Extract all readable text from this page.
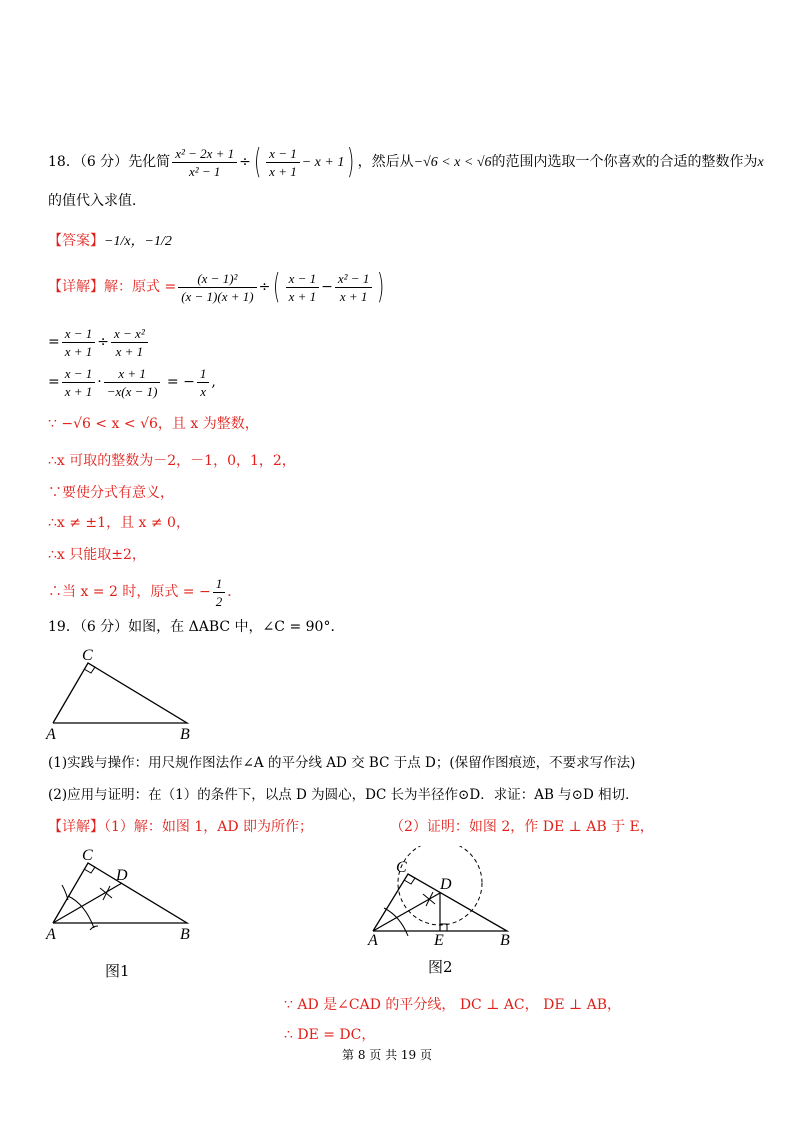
18．（6 分）先化简 $\frac{\text{x² − 2x + 1}}{\text{x² − 1}}$ ÷( $\frac{x - 1}{x + 1} - x + 1$) ，然后从−√6 < x < √6的范围内选取一个你喜欢的合适的整数作为x
的值代入求值．
【答案】−1/x，−1/2
【详解】解：原式 = $\frac{\text{(x − 1)²}}{(x - 1)(x + 1)}$ ÷( $\frac{x - 1}{x + 1} - \frac{\text{x² − 1}}{x + 1}$ )
= $\frac{x - 1}{x + 1} \div \frac{\text{x − x²}}{x + 1}$
= $\frac{x - 1}{x + 1} \cdot \frac{x + 1}{-x(x - 1)}$ = − $\frac{1}{x}$ ,
∵ −√6 < x < √6，且 x 为整数，
∴x 可取的整数为－2，－1，0，1，2，
∵要使分式有意义，
∴x ≠ ±1，且 x ≠ 0，
∴x 只能取±2，
∴当 x = 2 时，原式 = − $\frac{1}{2}$ ．
19．（6 分）如图，在 ΔABC 中，∠C = 90°．
C
A	B
(1)实践与操作：用尺规作图法作∠A 的平分线 AD 交 BC 于点 D；(保留作图痕迹，不要求写作法)
(2)应用与证明：在（1）的条件下，以点 D 为圆心，DC 长为半径作⊙D．求证：AB 与⊙D 相切．
【详解】（1）解：如图 1，AD 即为所作；	（2）证明：如图 2，作 DE ⊥ AB 于 E，
C
D
A	B
图1
C
D
A	E	B
图2
∵ AD 是∠CAD 的平分线， DC ⊥ AC， DE ⊥ AB，
∴ DE = DC，
第 8 页 共 19 页
